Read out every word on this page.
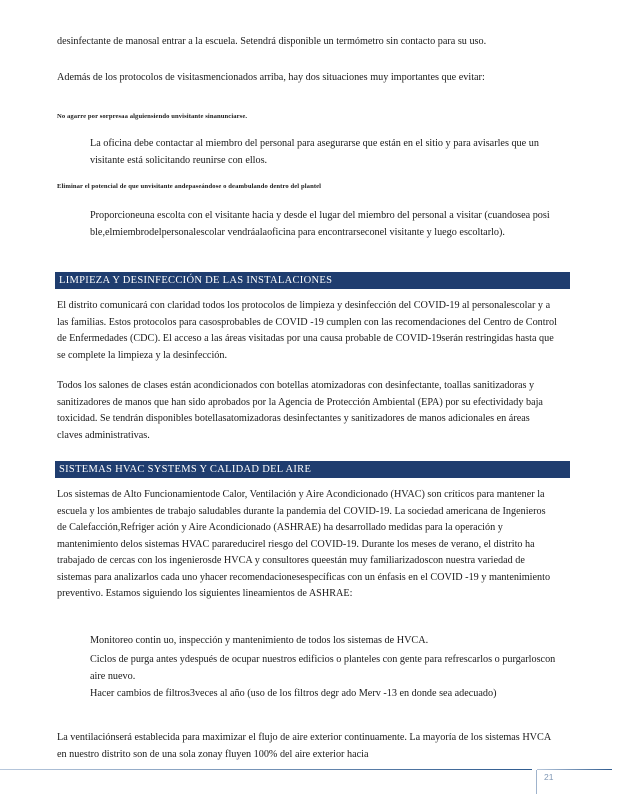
desinfectante de manosal entrar a la escuela. Setendrá disponible un termómetro sin contacto para su uso.

Además de los protocolos de visitasmencionados arriba, hay dos situaciones muy importantes que evitar:

No agarre por sorpresaa alguiensiendo unvisitante sinanunciarse.

La oficina debe contactar al miembro del personal para asegurarse que están en el sitio y para avisarles que un visitante está solicitando reunirse con ellos.

Eliminar el potencial de que unvisitante andepaseándose o deambulando dentro del plantel

Proporcioneuna escolta con el visitante hacia y desde el lugar del miembro del personal a visitar (cuandosea posi ble,elmiembrodelpersonalescolar vendráalaoficina para encontrarseconel visitante y luego escoltarlo).

LIMPIEZA Y DESINFECCIÓN DE LAS INSTALACIONES

El distrito comunicará con claridad todos los protocolos de limpieza y desinfección del COVID-19 al personalescolar y a las familias. Estos protocolos para casosprobables de COVID -19 cumplen con las recomendaciones del Centro de Control de Enfermedades (CDC). El acceso a las áreas visitadas por una causa probable de COVID-19serán restringidas hasta que se complete la limpieza y la desinfección.

Todos los salones de clases están acondicionados con botellas atomizadoras con desinfectante, toallas sanitizadoras y sanitizadores de manos que han sido aprobados por la Agencia de Protección Ambiental (EPA) por su efectividady baja toxicidad. Se tendrán disponibles botellasatomizadoras desinfectantes y sanitizadores de manos adicionales en áreas claves administrativas.

SISTEMAS HVAC SYSTEMS Y CALIDAD DEL AIRE

Los sistemas de Alto Funcionamientode Calor, Ventilación y Aire Acondicionado (HVAC) son críticos para mantener la escuela y los ambientes de trabajo saludables durante la pandemia del COVID-19. La sociedad americana de Ingenieros de Calefacción,Refriger ación y Aire Acondicionado (ASHRAE) ha desarrollado medidas para la operación y mantenimiento delos sistemas HVAC parareducirel riesgo del COVID-19. Durante los meses de verano, el distrito ha trabajado de cercas con los ingenierosde HVCA y consultores queestán muy familiarizadoscon nuestra variedad de sistemas para analizarlos cada uno yhacer recomendacionesespecíficas con un énfasis en el COVID -19 y mantenimiento preventivo. Estamos siguiendo los siguientes lineamientos de ASHRAE:

Monitoreo contin uo, inspección y mantenimiento de todos los sistemas de HVCA.

Ciclos de purga antes ydespués de ocupar nuestros edificios o planteles con gente para refrescarlos o purgarloscon aire nuevo.

Hacer cambios de filtros3veces al año (uso de los filtros degr ado Merv -13 en donde sea adecuado)

La ventilaciónserá establecida para maximizar el flujo de aire exterior continuamente. La mayoría de los sistemas HVCA en nuestro distrito son de una sola zonay fluyen 100% del aire exterior hacia

21
